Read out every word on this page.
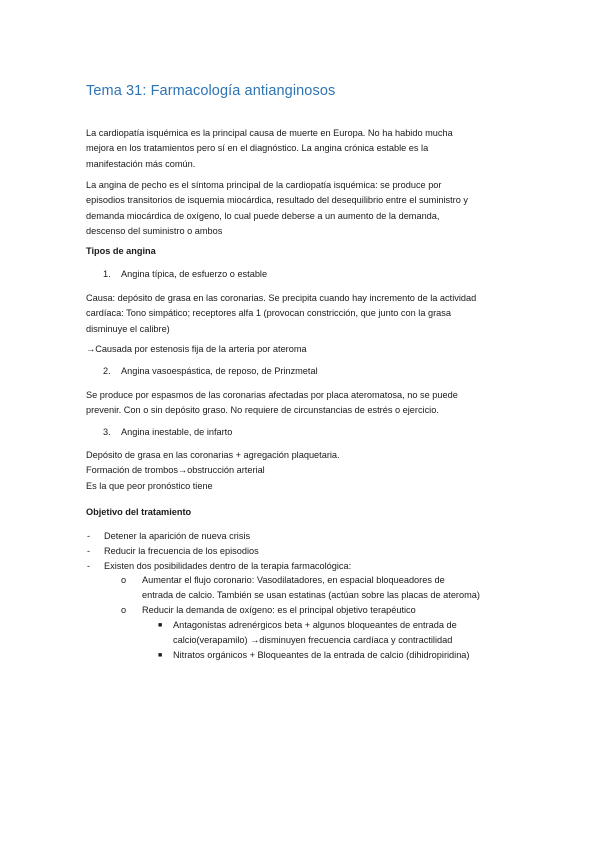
Tema 31: Farmacología antianginosos
La cardiopatía isquémica es la principal causa de muerte en Europa. No ha habido mucha
mejora en los tratamientos pero sí en el diagnóstico. La angina crónica estable es la
manifestación más común.
La angina de pecho es el síntoma principal de la cardiopatía isquémica: se produce por
episodios transitorios de isquemia miocárdica, resultado del desequilibrio entre el suministro y
demanda miocárdica de oxígeno, lo cual puede deberse a un aumento de la demanda,
descenso del suministro o ambos
Tipos de angina
1. Angina típica, de esfuerzo o estable
Causa: depósito de grasa en las coronarias. Se precipita cuando hay incremento de la actividad
cardíaca: Tono simpático; receptores alfa 1 (provocan constricción, que junto con la grasa
disminuye el calibre)
→Causada por estenosis fija de la arteria por ateroma
2. Angina vasoespástica, de reposo, de Prinzmetal
Se produce por espasmos de las coronarias afectadas por placa ateromatosa, no se puede
prevenir. Con o sin depósito graso. No requiere de circunstancias de estrés o ejercicio.
3. Angina inestable, de infarto
Depósito de grasa en las coronarias + agregación plaquetaria.
Formación de trombos→obstrucción arterial
Es la que peor pronóstico tiene
Objetivo del tratamiento
- Detener la aparición de nueva crisis
- Reducir la frecuencia de los episodios
- Existen dos posibilidades dentro de la terapia farmacológica:
o Aumentar el flujo coronario: Vasodilatadores, en espacial bloqueadores de
entrada de calcio. También se usan estatinas (actúan sobre las placas de ateroma)
o Reducir la demanda de oxígeno: es el principal objetivo terapéutico
■ Antagonistas adrenérgicos beta + algunos bloqueantes de entrada de
calcio(verapamilo) →disminuyen frecuencia cardíaca y contractilidad
■ Nitratos orgánicos + Bloqueantes de la entrada de calcio (dihidropiridina)
